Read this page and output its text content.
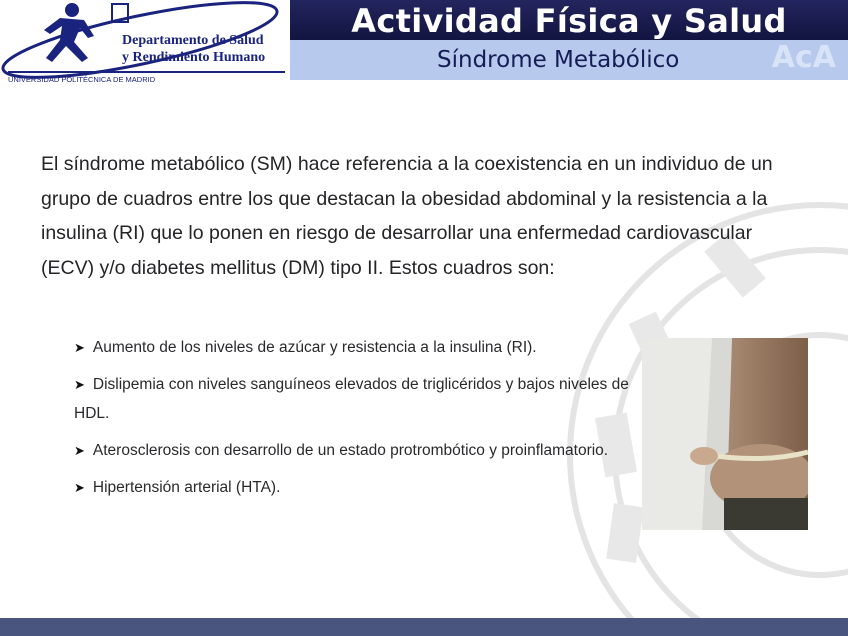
Departamento de Salud
y Rendimiento Humano
UNIVERSIDAD POLITÉCNICA DE MADRID
Actividad Física y Salud
Síndrome Metabólico	AcA

El síndrome metabólico (SM) hace referencia a la coexistencia en un individuo de un grupo de cuadros entre los que destacan la obesidad abdominal y la resistencia a la insulina (RI) que lo ponen en riesgo de desarrollar una enfermedad cardiovascular (ECV) y/o diabetes mellitus (DM) tipo II. Estos cuadros son:

➤ Aumento de los niveles de azúcar y resistencia a la insulina (RI).
➤ Dislipemia con niveles sanguíneos elevados de triglicéridos y bajos niveles de HDL.
➤ Aterosclerosis con desarrollo de un estado protrombótico y proinflamatorio.
➤ Hipertensión arterial (HTA).
